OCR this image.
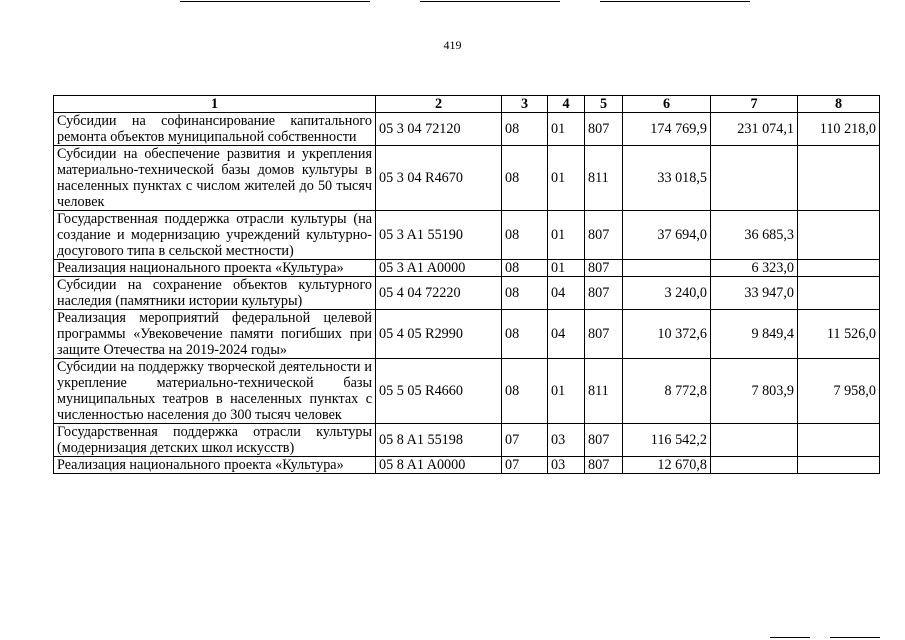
419
1	2	3	4	5	6	7	8
Субсидии на софинансирование капитального ремонта объектов муниципальной собственности	05 3 04 72120	08	01	807	174 769,9	231 074,1	110 218,0
Субсидии на обеспечение развития и укрепления материально-технической базы домов культуры в населенных пунктах с числом жителей до 50 тысяч человек	05 3 04 R4670	08	01	811	33 018,5		
Государственная поддержка отрасли культуры (на создание и модернизацию учреждений культурно-досугового типа в сельской местности)	05 3 A1 55190	08	01	807	37 694,0	36 685,3	
Реализация национального проекта «Культура»	05 3 A1 A0000	08	01	807		6 323,0	
Субсидии на сохранение объектов культурного наследия (памятники истории культуры)	05 4 04 72220	08	04	807	3 240,0	33 947,0	
Реализация мероприятий федеральной целевой программы «Увековечение памяти погибших при защите Отечества на 2019-2024 годы»	05 4 05 R2990	08	04	807	10 372,6	9 849,4	11 526,0
Субсидии на поддержку творческой деятельности и укрепление материально-технической базы муниципальных театров в населенных пунктах с численностью населения до 300 тысяч человек	05 5 05 R4660	08	01	811	8 772,8	7 803,9	7 958,0
Государственная поддержка отрасли культуры (модернизация детских школ искусств)	05 8 A1 55198	07	03	807	116 542,2		
Реализация национального проекта «Культура»	05 8 A1 A0000	07	03	807	12 670,8		
